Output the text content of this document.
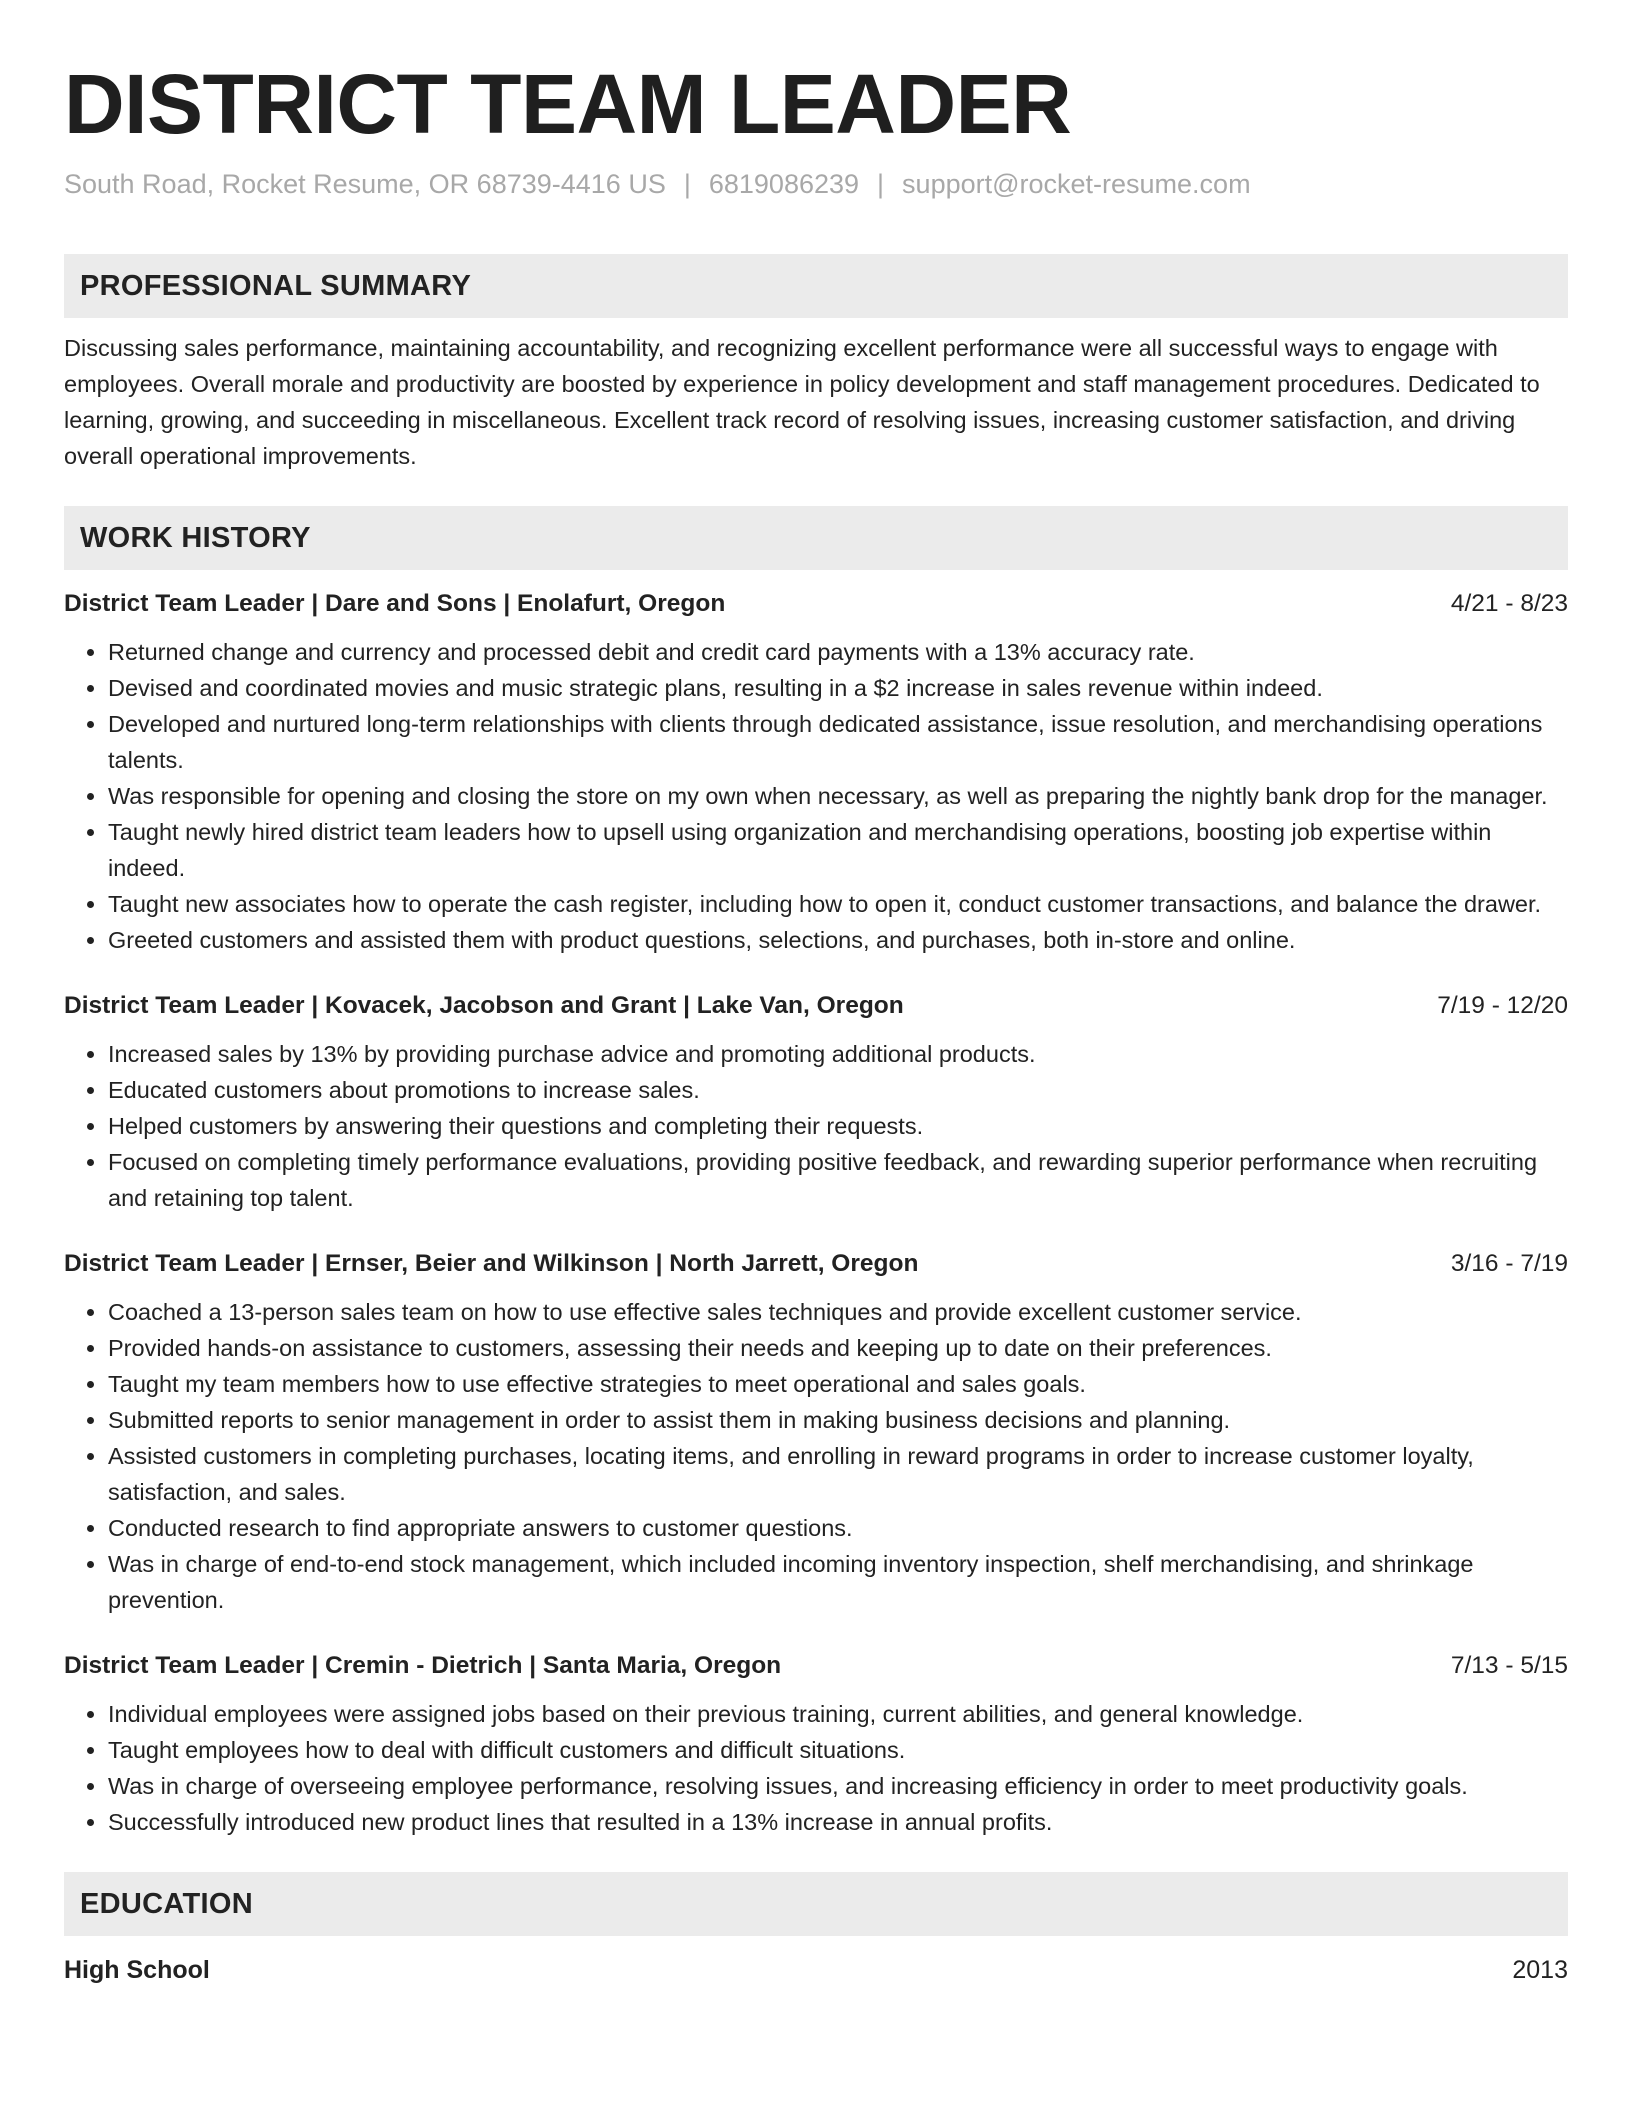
DISTRICT TEAM LEADER
South Road, Rocket Resume, OR 68739-4416 US | 6819086239 | support@rocket-resume.com
PROFESSIONAL SUMMARY
Discussing sales performance, maintaining accountability, and recognizing excellent performance were all successful ways to engage with employees. Overall morale and productivity are boosted by experience in policy development and staff management procedures. Dedicated to learning, growing, and succeeding in miscellaneous. Excellent track record of resolving issues, increasing customer satisfaction, and driving overall operational improvements.
WORK HISTORY
District Team Leader | Dare and Sons | Enolafurt, Oregon	4/21 - 8/23
• Returned change and currency and processed debit and credit card payments with a 13% accuracy rate.
• Devised and coordinated movies and music strategic plans, resulting in a $2 increase in sales revenue within indeed.
• Developed and nurtured long-term relationships with clients through dedicated assistance, issue resolution, and merchandising operations talents.
• Was responsible for opening and closing the store on my own when necessary, as well as preparing the nightly bank drop for the manager.
• Taught newly hired district team leaders how to upsell using organization and merchandising operations, boosting job expertise within indeed.
• Taught new associates how to operate the cash register, including how to open it, conduct customer transactions, and balance the drawer.
• Greeted customers and assisted them with product questions, selections, and purchases, both in-store and online.
District Team Leader | Kovacek, Jacobson and Grant | Lake Van, Oregon	7/19 - 12/20
• Increased sales by 13% by providing purchase advice and promoting additional products.
• Educated customers about promotions to increase sales.
• Helped customers by answering their questions and completing their requests.
• Focused on completing timely performance evaluations, providing positive feedback, and rewarding superior performance when recruiting and retaining top talent.
District Team Leader | Ernser, Beier and Wilkinson | North Jarrett, Oregon	3/16 - 7/19
• Coached a 13-person sales team on how to use effective sales techniques and provide excellent customer service.
• Provided hands-on assistance to customers, assessing their needs and keeping up to date on their preferences.
• Taught my team members how to use effective strategies to meet operational and sales goals.
• Submitted reports to senior management in order to assist them in making business decisions and planning.
• Assisted customers in completing purchases, locating items, and enrolling in reward programs in order to increase customer loyalty, satisfaction, and sales.
• Conducted research to find appropriate answers to customer questions.
• Was in charge of end-to-end stock management, which included incoming inventory inspection, shelf merchandising, and shrinkage prevention.
District Team Leader | Cremin - Dietrich | Santa Maria, Oregon	7/13 - 5/15
• Individual employees were assigned jobs based on their previous training, current abilities, and general knowledge.
• Taught employees how to deal with difficult customers and difficult situations.
• Was in charge of overseeing employee performance, resolving issues, and increasing efficiency in order to meet productivity goals.
• Successfully introduced new product lines that resulted in a 13% increase in annual profits.
EDUCATION
High School	2013
